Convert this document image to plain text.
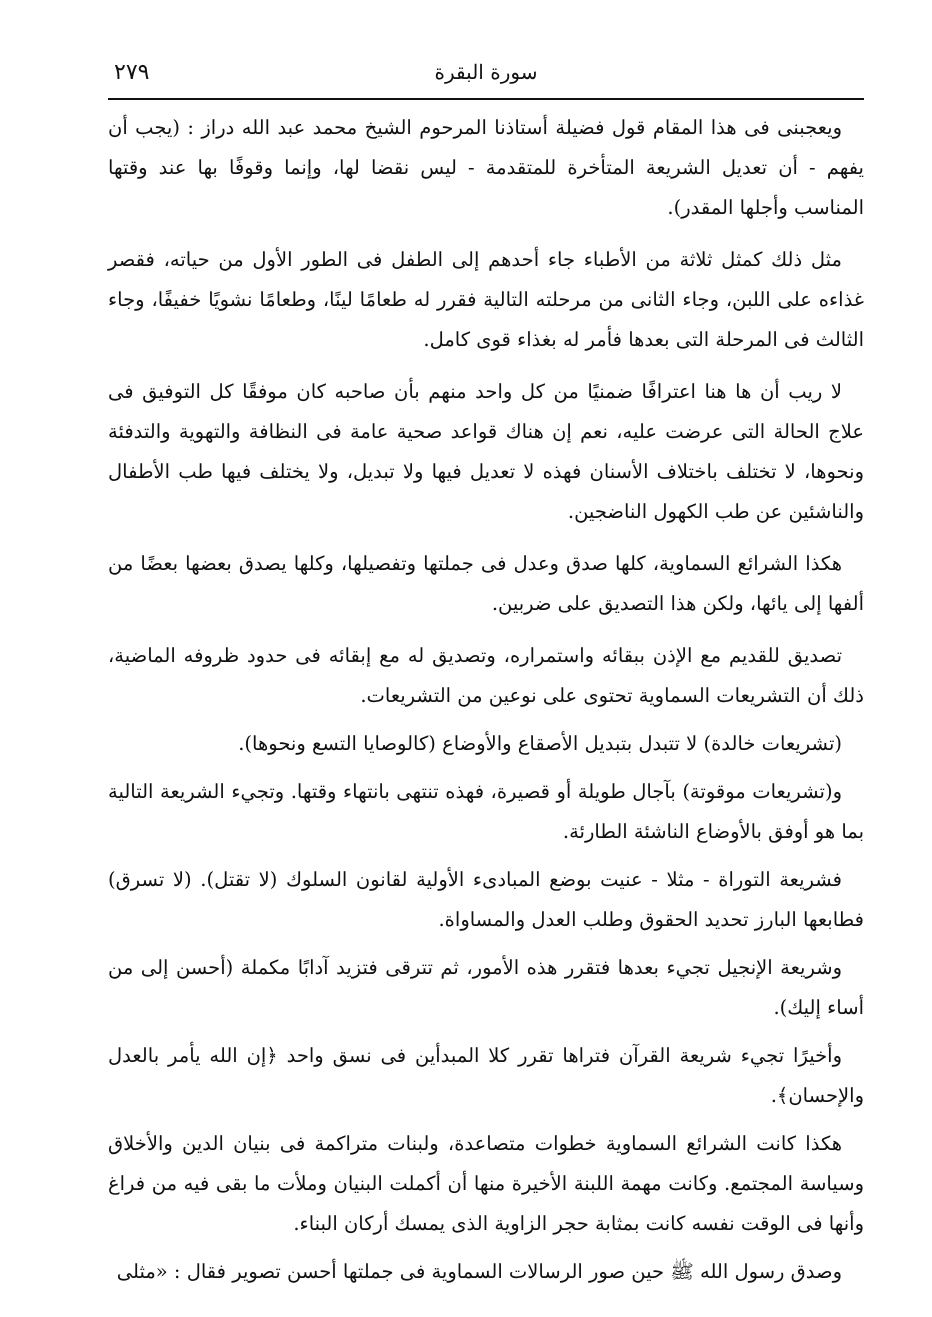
٢٧٩	سورة البقرة

ويعجبنى فى هذا المقام قول فضيلة أستاذنا المرحوم الشيخ محمد عبد الله دراز : (يجب أن يفهم - أن تعديل الشريعة المتأخرة للمتقدمة - ليس نقضا لها، وإنما وقوفًا بها عند وقتها المناسب وأجلها المقدر).

مثل ذلك كمثل ثلاثة من الأطباء جاء أحدهم إلى الطفل فى الطور الأول من حياته، فقصر غذاءه على اللبن، وجاء الثانى من مرحلته التالية فقرر له طعامًا لينًا، وطعامًا نشويًا خفيفًا، وجاء الثالث فى المرحلة التى بعدها فأمر له بغذاء قوى كامل.

لا ريب أن ها هنا اعترافًا ضمنيًا من كل واحد منهم بأن صاحبه كان موفقًا كل التوفيق فى علاج الحالة التى عرضت عليه، نعم إن هناك قواعد صحية عامة فى النظافة والتهوية والتدفئة ونحوها، لا تختلف باختلاف الأسنان فهذه لا تعديل فيها ولا تبديل، ولا يختلف فيها طب الأطفال والناشئين عن طب الكهول الناضجين.

هكذا الشرائع السماوية، كلها صدق وعدل فى جملتها وتفصيلها، وكلها يصدق بعضها بعضًا من ألفها إلى يائها، ولكن هذا التصديق على ضربين.

تصديق للقديم مع الإذن ببقائه واستمراره، وتصديق له مع إبقائه فى حدود ظروفه الماضية، ذلك أن التشريعات السماوية تحتوى على نوعين من التشريعات.

(تشريعات خالدة) لا تتبدل بتبديل الأصقاع والأوضاع (كالوصايا التسع ونحوها).

و(تشريعات موقوتة) بآجال طويلة أو قصيرة، فهذه تنتهى بانتهاء وقتها. وتجيء الشريعة التالية بما هو أوفق بالأوضاع الناشئة الطارئة.

فشريعة التوراة - مثلا - عنيت بوضع المبادىء الأولية لقانون السلوك (لا تقتل). (لا تسرق) فطابعها البارز تحديد الحقوق وطلب العدل والمساواة.

وشريعة الإنجيل تجيء بعدها فتقرر هذه الأمور، ثم تترقى فتزيد آدابًا مكملة (أحسن إلى من أساء إليك).

وأخيرًا تجيء شريعة القرآن فتراها تقرر كلا المبدأين فى نسق واحد ﴿إن الله يأمر بالعدل والإحسان﴾.

هكذا كانت الشرائع السماوية خطوات متصاعدة، ولبنات متراكمة فى بنيان الدين والأخلاق وسياسة المجتمع. وكانت مهمة اللبنة الأخيرة منها أن أكملت البنيان وملأت ما بقى فيه من فراغ وأنها فى الوقت نفسه كانت بمثابة حجر الزاوية الذى يمسك أركان البناء.

وصدق رسول الله ﷺ حين صور الرسالات السماوية فى جملتها أحسن تصوير فقال : «مثلى
